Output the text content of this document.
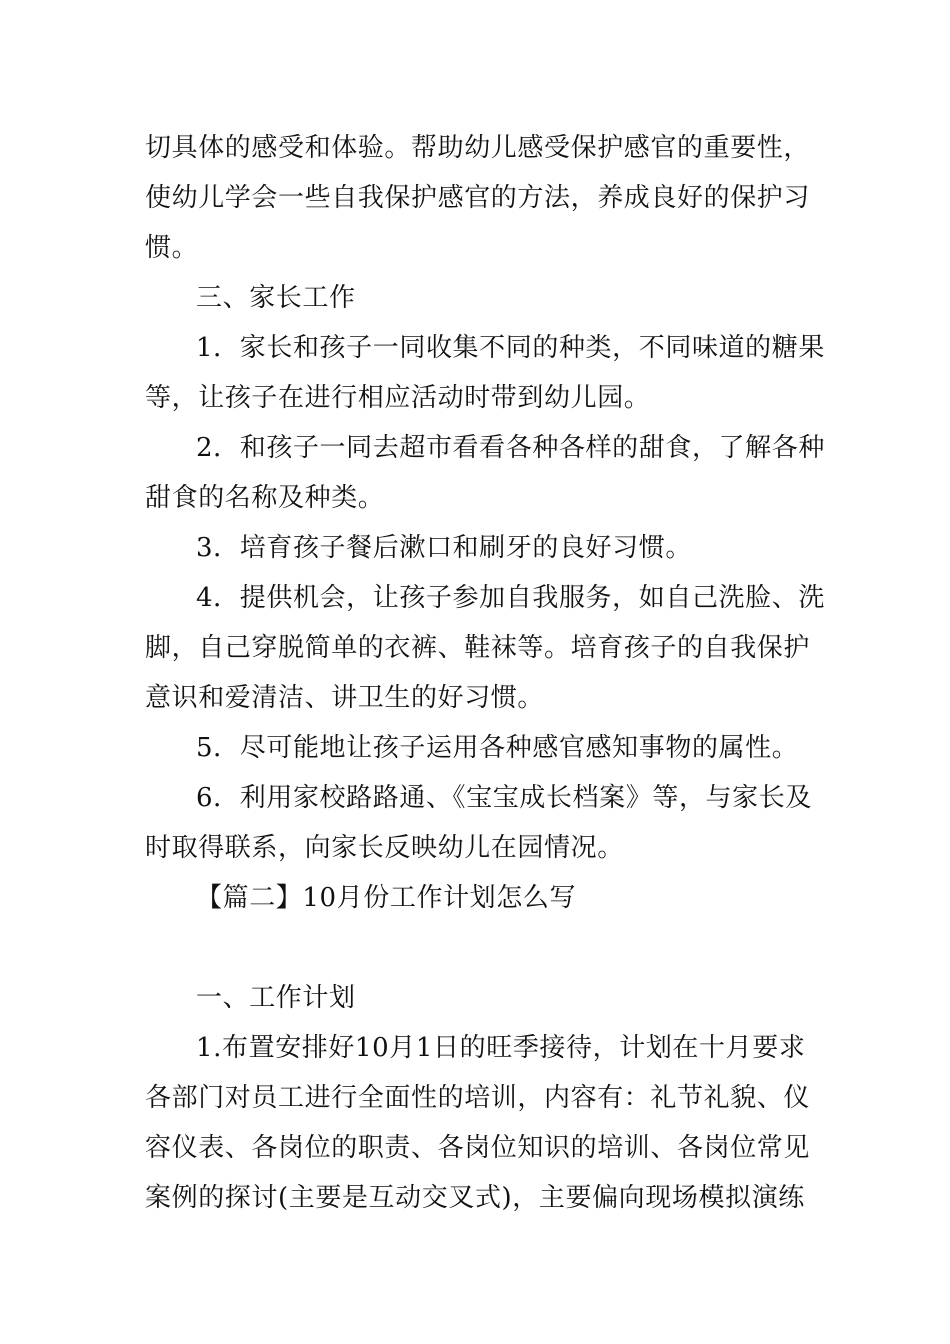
切具体的感受和体验。帮助幼儿感受保护感官的重要性，
使幼儿学会一些自我保护感官的方法，养成良好的保护习
惯。
三、家长工作
1．家长和孩子一同收集不同的种类，不同味道的糖果
等，让孩子在进行相应活动时带到幼儿园。
2．和孩子一同去超市看看各种各样的甜食，了解各种
甜食的名称及种类。
3．培育孩子餐后漱口和刷牙的良好习惯。
4．提供机会，让孩子参加自我服务，如自己洗脸、洗
脚，自己穿脱简单的衣裤、鞋袜等。培育孩子的自我保护
意识和爱清洁、讲卫生的好习惯。
5．尽可能地让孩子运用各种感官感知事物的属性。
6．利用家校路路通、《宝宝成长档案》等，与家长及
时取得联系，向家长反映幼儿在园情况。
【篇二】10月份工作计划怎么写
一、工作计划
1.布置安排好10月1日的旺季接待，计划在十月要求
各部门对员工进行全面性的培训，内容有：礼节礼貌、仪
容仪表、各岗位的职责、各岗位知识的培训、各岗位常见
案例的探讨(主要是互动交叉式)，主要偏向现场模拟演练
